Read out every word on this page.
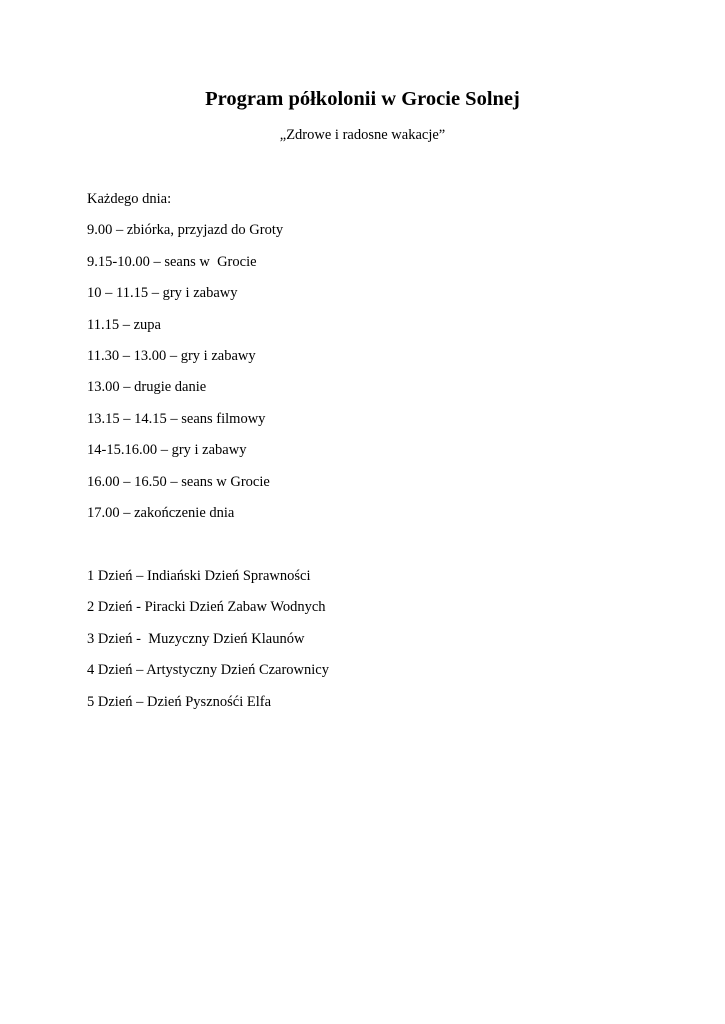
Program półkolonii w Grocie Solnej
„Zdrowe i radosne wakacje”
Każdego dnia:
9.00 – zbiórka, przyjazd do Groty
9.15-10.00 – seans w  Grocie
10 – 11.15 – gry i zabawy
11.15 – zupa
11.30 – 13.00 – gry i zabawy
13.00 – drugie danie
13.15 – 14.15 – seans filmowy
14-15.16.00 – gry i zabawy
16.00 – 16.50 – seans w Grocie
17.00 – zakończenie dnia
1 Dzień – Indiański Dzień Sprawności
2 Dzień - Piracki Dzień Zabaw Wodnych
3 Dzień -  Muzyczny Dzień Klaunów
4 Dzień – Artystyczny Dzień Czarownicy
5 Dzień – Dzień Pysznośći Elfa
